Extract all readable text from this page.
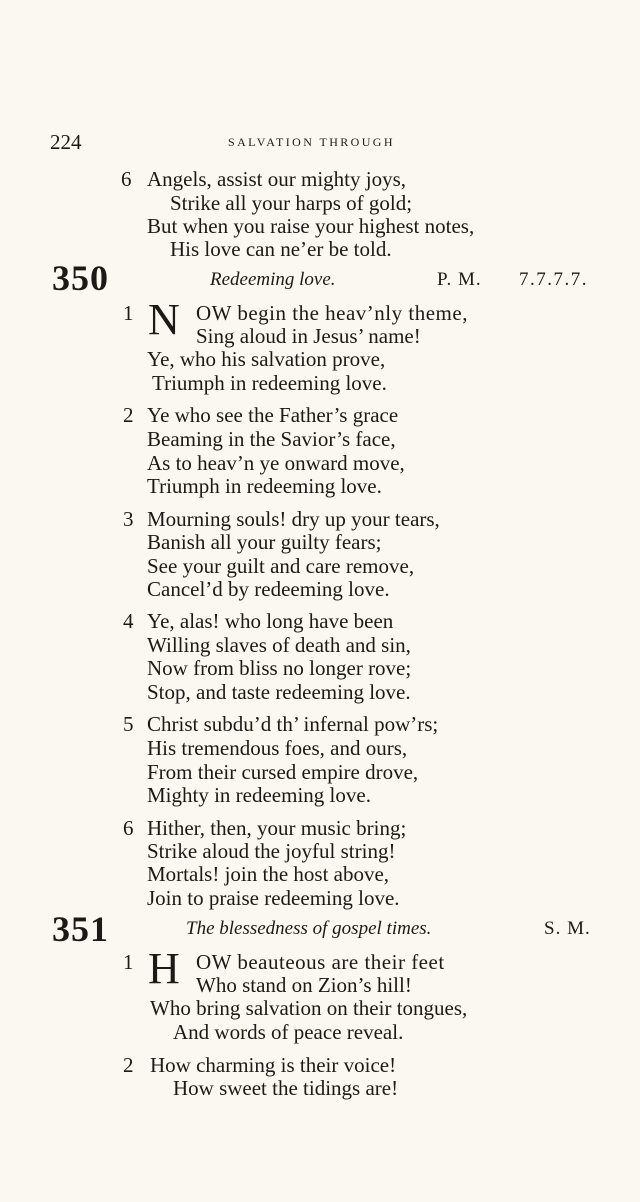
224	SALVATION THROUGH
6 Angels, assist our mighty joys,
Strike all your harps of gold;
But when you raise your highest notes,
His love can ne’er be told.
350	Redeeming love.	P. M. 7.7.7.7.
1 N OW begin the heav’nly theme,
Sing aloud in Jesus’ name!
Ye, who his salvation prove,
Triumph in redeeming love.
2 Ye who see the Father’s grace
Beaming in the Savior’s face,
As to heav’n ye onward move,
Triumph in redeeming love.
3 Mourning souls! dry up your tears,
Banish all your guilty fears;
See your guilt and care remove,
Cancel’d by redeeming love.
4 Ye, alas! who long have been
Willing slaves of death and sin,
Now from bliss no longer rove;
Stop, and taste redeeming love.
5 Christ subdu’d th’ infernal pow’rs;
His tremendous foes, and ours,
From their cursed empire drove,
Mighty in redeeming love.
6 Hither, then, your music bring;
Strike aloud the joyful string!
Mortals! join the host above,
Join to praise redeeming love.
351	The blessedness of gospel times.	S. M.
1 H OW beauteous are their feet
Who stand on Zion’s hill!
Who bring salvation on their tongues,
And words of peace reveal.
2 How charming is their voice!
How sweet the tidings are!
